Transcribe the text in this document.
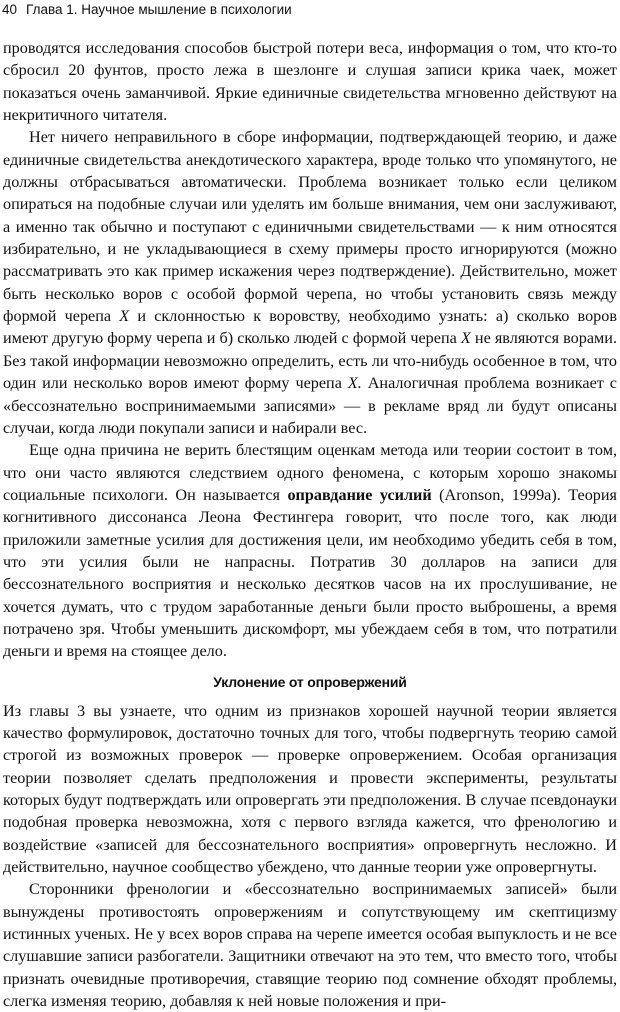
40 Глава 1. Научное мышление в психологии

проводятся исследования способов быстрой потери веса, информация о том, что кто-то сбросил 20 фунтов, просто лежа в шезлонге и слушая записи крика чаек, может показаться очень заманчивой. Яркие единичные свидетельства мгновенно действуют на некритичного читателя.

Нет ничего неправильного в сборе информации, подтверждающей теорию, и даже единичные свидетельства анекдотического характера, вроде только что упомянутого, не должны отбрасываться автоматически. Проблема возникает только если целиком опираться на подобные случаи или уделять им больше внимания, чем они заслуживают, а именно так обычно и поступают с единичными свидетельствами — к ним относятся избирательно, и не укладывающиеся в схему примеры просто игнорируются (можно рассматривать это как пример искажения через подтверждение). Действительно, может быть несколько воров с особой формой черепа, но чтобы установить связь между формой черепа X и склонностью к воровству, необходимо узнать: а) сколько воров имеют другую форму черепа и б) сколько людей с формой черепа X не являются ворами. Без такой информации невозможно определить, есть ли что-нибудь особенное в том, что один или несколько воров имеют форму черепа X. Аналогичная проблема возникает с «бессознательно воспринимаемыми записями» — в рекламе вряд ли будут описаны случаи, когда люди покупали записи и набирали вес.

Еще одна причина не верить блестящим оценкам метода или теории состоит в том, что они часто являются следствием одного феномена, с которым хорошо знакомы социальные психологи. Он называется оправдание усилий (Aronson, 1999a). Теория когнитивного диссонанса Леона Фестингера говорит, что после того, как люди приложили заметные усилия для достижения цели, им необходимо убедить себя в том, что эти усилия были не напрасны. Потратив 30 долларов на записи для бессознательного восприятия и несколько десятков часов на их прослушивание, не хочется думать, что с трудом заработанные деньги были просто выброшены, а время потрачено зря. Чтобы уменьшить дискомфорт, мы убеждаем себя в том, что потратили деньги и время на стоящее дело.

Уклонение от опровержений

Из главы 3 вы узнаете, что одним из признаков хорошей научной теории является качество формулировок, достаточно точных для того, чтобы подвергнуть теорию самой строгой из возможных проверок — проверке опровержением. Особая организация теории позволяет сделать предположения и провести эксперименты, результаты которых будут подтверждать или опровергать эти предположения. В случае псевдонауки подобная проверка невозможна, хотя с первого взгляда кажется, что френологию и воздействие «записей для бессознательного восприятия» опровергнуть несложно. И действительно, научное сообщество убеждено, что данные теории уже опровергнуты.

Сторонники френологии и «бессознательно воспринимаемых записей» были вынуждены противостоять опровержениям и сопутствующему им скептицизму истинных ученых. Не у всех воров справа на черепе имеется особая выпуклость и не все слушавшие записи разбогатели. Защитники отвечают на это тем, что вместо того, чтобы признать очевидные противоречия, ставящие теорию под сомнение обходят проблемы, слегка изменяя теорию, добавляя к ней новые положения и при-
